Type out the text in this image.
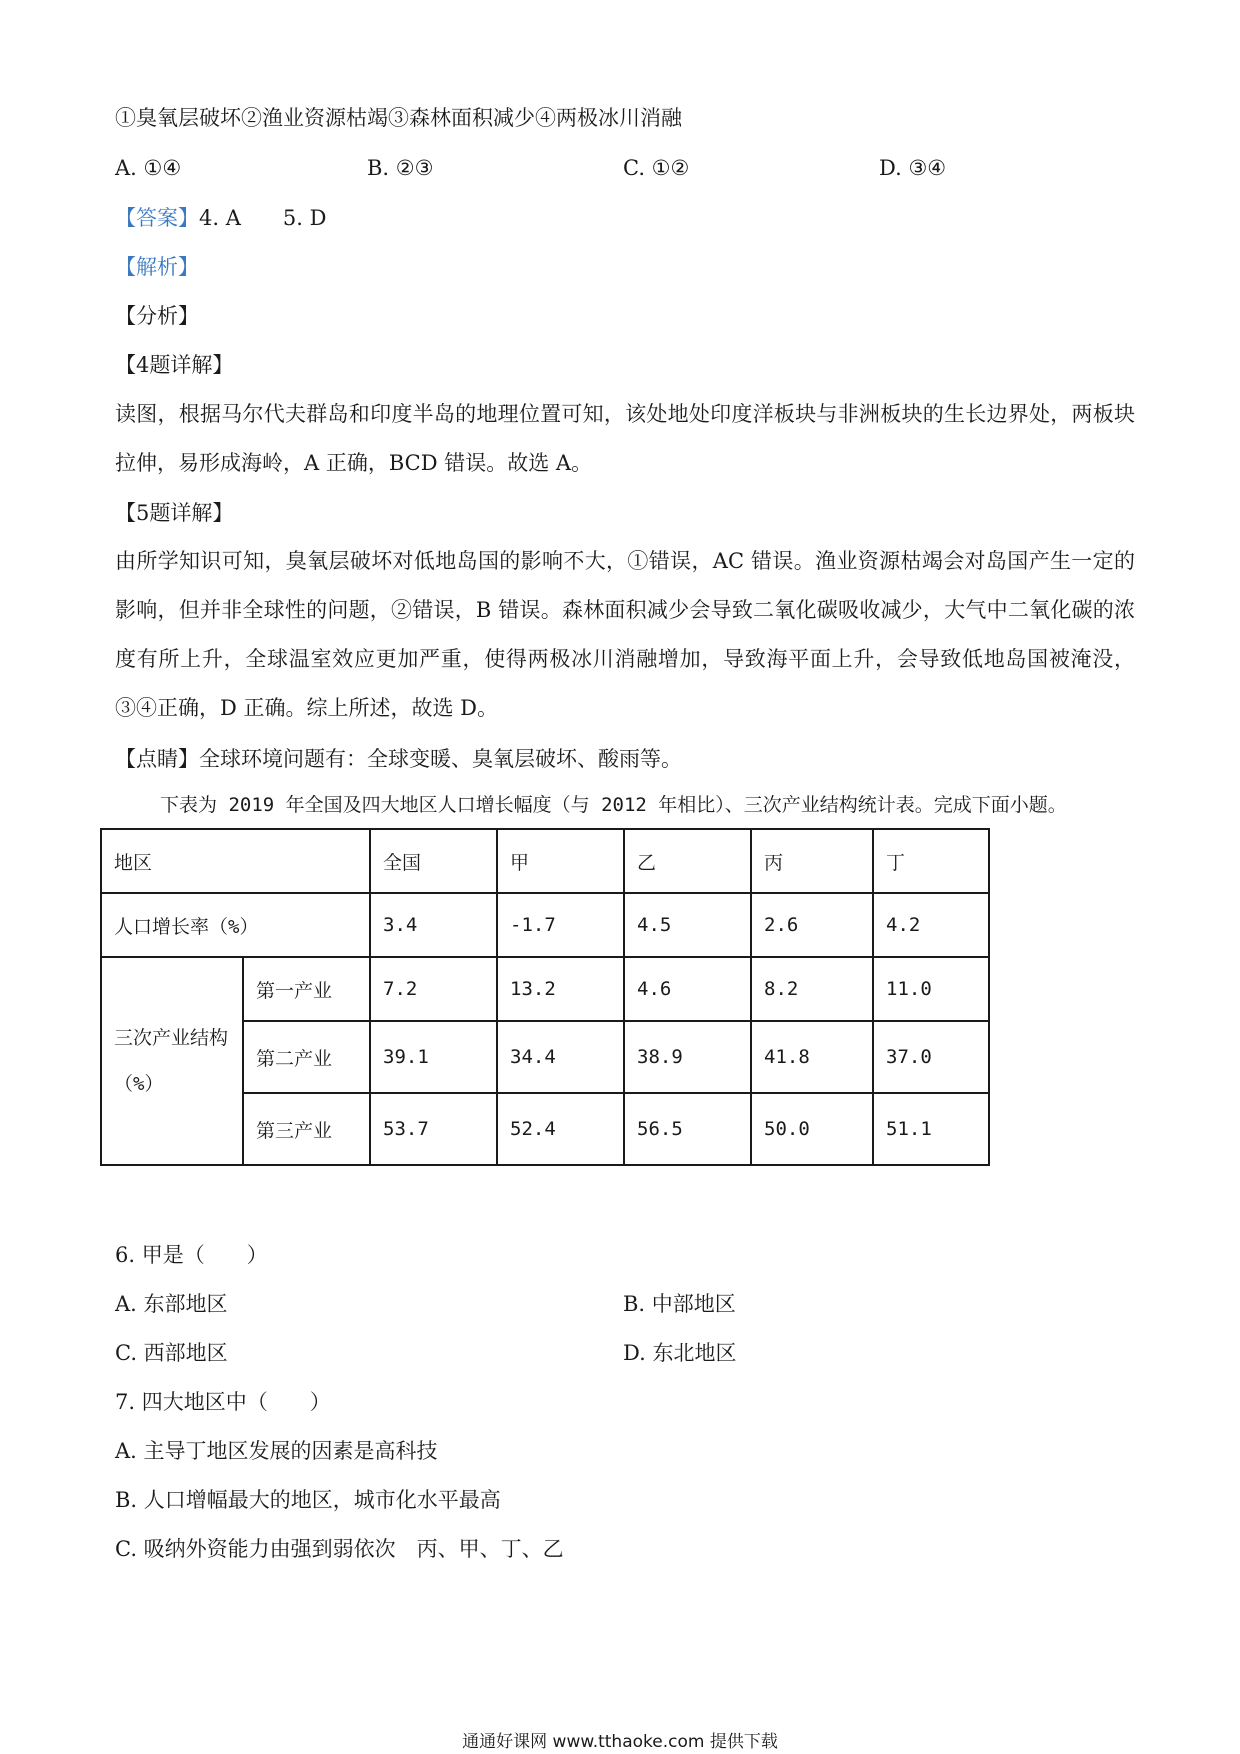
①臭氧层破坏②渔业资源枯竭③森林面积减少④两极冰川消融
A. ①④	B. ②③	C. ①②	D. ③④
【答案】4. A　　5. D
【解析】
【分析】
【4题详解】
读图，根据马尔代夫群岛和印度半岛的地理位置可知，该处地处印度洋板块与非洲板块的生长边界处，两板块拉伸，易形成海岭，A 正确，BCD 错误。故选 A。
【5题详解】
由所学知识可知，臭氧层破坏对低地岛国的影响不大，①错误，AC 错误。渔业资源枯竭会对岛国产生一定的影响，但并非全球性的问题，②错误，B 错误。森林面积减少会导致二氧化碳吸收减少，大气中二氧化碳的浓度有所上升，全球温室效应更加严重，使得两极冰川消融增加，导致海平面上升，会导致低地岛国被淹没，③④正确，D 正确。综上所述，故选 D。
【点睛】全球环境问题有：全球变暖、臭氧层破坏、酸雨等。
下表为 2019 年全国及四大地区人口增长幅度（与 2012 年相比）、三次产业结构统计表。完成下面小题。
地区		全国	甲	乙	丙	丁
人口增长率（%）		3.4	-1.7	4.5	2.6	4.2
三次产业结构（%）	第一产业	7.2	13.2	4.6	8.2	11.0
	第二产业	39.1	34.4	38.9	41.8	37.0
	第三产业	53.7	52.4	56.5	50.0	51.1
6. 甲是（　　）
A. 东部地区	B. 中部地区
C. 西部地区	D. 东北地区
7. 四大地区中（　　）
A. 主导丁地区发展的因素是高科技
B. 人口增幅最大的地区，城市化水平最高
C. 吸纳外资能力由强到弱依次　丙、甲、丁、乙
通通好课网 www.tthaoke.com 提供下载
